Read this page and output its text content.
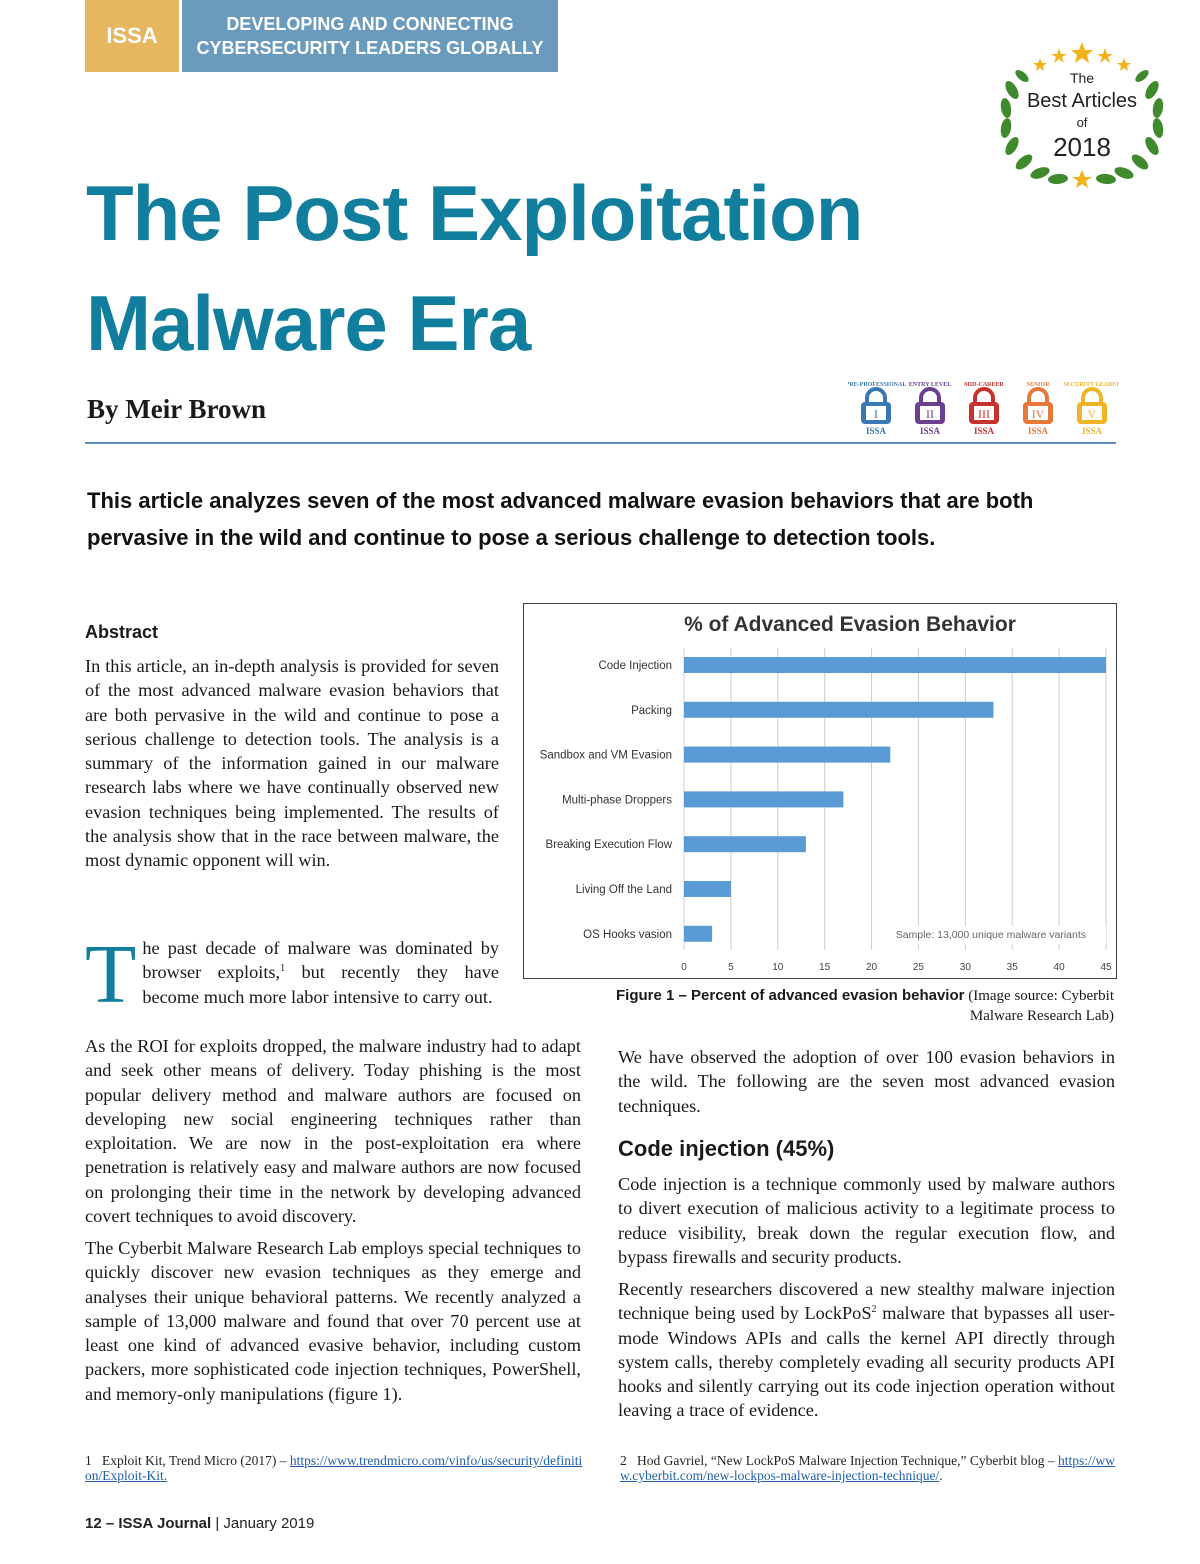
ISSA	DEVELOPING AND CONNECTING
CYBERSECURITY LEADERS GLOBALLY
The
Best Articles
of
2018
The Post Exploitation
Malware Era
By Meir Brown
PRE-PROFESSIONAL
I
ISSA
ENTRY LEVEL
II
ISSA
MID-CAREER
III
ISSA
SENIOR
IV
ISSA
SECURITY LEADER
V
ISSA
This article analyzes seven of the most advanced malware evasion behaviors that are both pervasive in the wild and continue to pose a serious challenge to detection tools.
Abstract
In this article, an in-depth analysis is provided for seven of the most advanced malware evasion behaviors that are both pervasive in the wild and continue to pose a serious challenge to detection tools. The analysis is a summary of the information gained in our malware research labs where we have continually observed new evasion techniques being implemented. The results of the analysis show that in the race between malware, the most dynamic opponent will win.
The past decade of malware was dominated by browser exploits,$^1$ but recently they have become much more labor intensive to carry out.
As the ROI for exploits dropped, the malware industry had to adapt and seek other means of delivery. Today phishing is the most popular delivery method and malware authors are focused on developing new social engineering techniques rather than exploitation. We are now in the post-exploitation era where penetration is relatively easy and malware authors are now focused on prolonging their time in the network by developing advanced covert techniques to avoid discovery.
The Cyberbit Malware Research Lab employs special techniques to quickly discover new evasion techniques as they emerge and analyses their unique behavioral patterns. We recently analyzed a sample of 13,000 malware and found that over 70 percent use at least one kind of advanced evasive behavior, including custom packers, more sophisticated code injection techniques, PowerShell, and memory-only manipulations (figure 1).
% of Advanced Evasion Behavior
0	5	10	15	20	25	30	35	40	45
Code Injection
Packing
Sandbox and VM Evasion
Multi-phase Droppers
Breaking Execution Flow
Living Off the Land
OS Hooks vasion	Sample: 13,000 unique malware variants
Figure 1 – Percent of advanced evasion behavior (Image source: Cyberbit Malware Research Lab)
We have observed the adoption of over 100 evasion behaviors in the wild. The following are the seven most advanced evasion techniques.
Code injection (45%)
Code injection is a technique commonly used by malware authors to divert execution of malicious activity to a legitimate process to reduce visibility, break down the regular execution flow, and bypass firewalls and security products.
Recently researchers discovered a new stealthy malware injection technique being used by LockPoS$^2$ malware that bypasses all user-mode Windows APIs and calls the kernel API directly through system calls, thereby completely evading all security products API hooks and silently carrying out its code injection operation without leaving a trace of evidence.
1 Exploit Kit, Trend Micro (2017) – https://www.trendmicro.com/vinfo/us/security/definition/Exploit-Kit.
2 Hod Gavriel, “New LockPoS Malware Injection Technique,” Cyberbit blog – https://www.cyberbit.com/new-lockpos-malware-injection-technique/.
12 – ISSA Journal | January 2019
